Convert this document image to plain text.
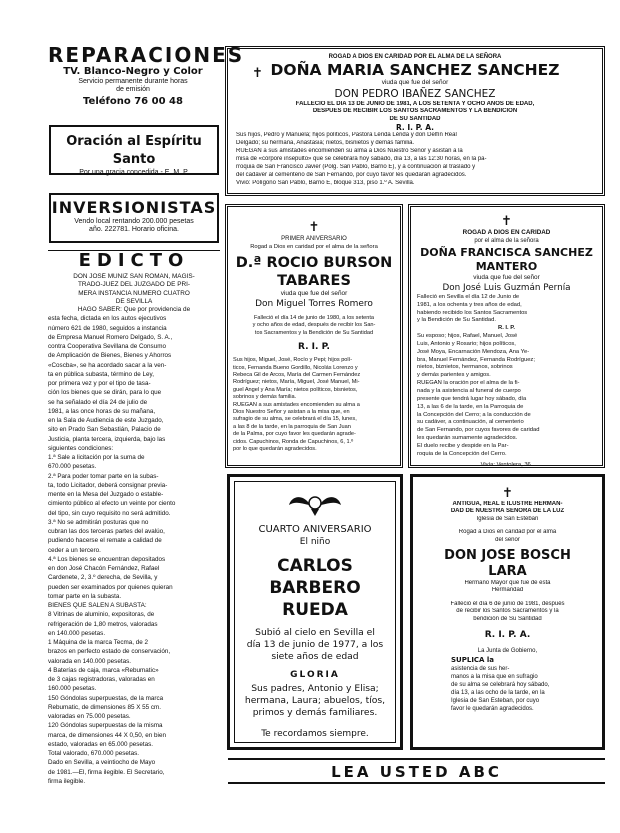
REPARACIONES
TV. Blanco-Negro y Color
Servicio permanente durante horas
de emisión
Teléfono 76 00 48
Oración al Espíritu Santo
Por una gracia concedida.- E. M. P.
INVERSIONISTAS
Vendo local rentando 200.000 pesetas
año. 222781. Horario oficina.
EDICTO
DON JOSÉ MUÑIZ SAN ROMAN, MAGIS-
TRADO-JUEZ DEL JUZGADO DE PRI-
MERA INSTANCIA NUMERO CUATRO
DE SEVILLA
HAGO SABER: Que por providencia de
esta fecha, dictada en los autos ejecutivos
número 621 de 1980, seguidos a instancia
de Empresa Manuel Romero Delgado, S. A.,
contra Cooperativa Sevillana de Consumo
de Amplicación de Bienes, Bienes y Ahorros
«Coscba», se ha acordado sacar a la ven-
ta en pública subasta, término de Ley,
por primera vez y por el tipo de tasa-
ción los bienes que se dirán, para lo que
se ha señalado el día 24 de julio de
1981, a las once horas de su mañana,
en la Sala de Audiencia de este Juzgado,
sito en Prado San Sebastián, Palacio de
Justicia, planta tercera, izquierda, bajo las
siguientes condiciones:
1.ª Sale a licitación por la suma de
670.000 pesetas.
2.ª Para poder tomar parte en la subas-
ta, todo Licitador, deberá consignar previa-
mente en la Mesa del Juzgado o estable-
cimiento público al efecto un veinte por ciento
del tipo, sin cuyo requisito no será admitido.
3.ª No se admitirán posturas que no
cubran las dos terceras partes del avalúo,
pudiendo hacerse el remate a calidad de
ceder a un tercero.
4.ª Los bienes se encuentran depositados
en don José Chacón Fernández, Rafael
Cardenete, 2, 3.º derecha, de Sevilla, y
pueden ser examinados por quienes quieran
tomar parte en la subasta.
BIENES QUE SALEN A SUBASTA:
8 Vitrinas de aluminio, expositoras, de
refrigeración de 1,80 metros, valoradas
en 140.000 pesetas.
1 Máquina de la marca Tecma, de 2
brazos en perfecto estado de conservación,
valorada en 140.000 pesetas.
4 Baterías de caja, marca «Rebumatic»
de 3 cajas registradoras, valoradas en
160.000 pesetas.
150 Góndolas superpuestas, de la marca
Rebumatic, de dimensiones 85 X 55 cm.
valoradas en 75.000 pesetas.
120 Góndolas superpuestas de la misma
marca, de dimensiones 44 X 0,50, en bien
estado, valoradas en 65.000 pesetas.
Total valorado, 670.000 pesetas.
Dado en Sevilla, a veintiocho de Mayo
de 1981.—El, firma ilegible. El Secretario,
firma ilegible.
✝
ROGAD A DIOS EN CARIDAD POR EL ALMA DE LA SEÑORA
DOÑA MARIA SANCHEZ SANCHEZ
viuda que fue del señor
DON PEDRO IBAÑEZ SANCHEZ
FALLECIO EL DIA 13 DE JUNIO DE 1981, A LOS SETENTA Y OCHO AÑOS DE EDAD,
DESPUES DE RECIBIR LOS SANTOS SACRAMENTOS Y LA BENDICION
DE SU SANTIDAD
R. I. P. A.
Sus hijos, Pedro y Manuela; hijos políticos, Pastora Lérida Lérida y don Delfín Real
Delgado; su hermana, Anastasia; nietos, bisnietos y demás familia.
RUEGAN a sus amistades encomienden su alma a Dios Nuestro Señor y asistan a la
misa de «córpore insepulto» que se celebrará hoy sábado, día 13, a las 12:30 horas, en la pa-
rroquia de San Francisco Javier (Polg. San Pablo, Barrio E), y a continuación al traslado y
del cadáver al cementerio de San Fernando, por cuyo favor les quedarán agradecidos.
Vivió: Polígono San Pablo, Barrio E, bloque 313, piso 1.º A. Sevilla.
✝
PRIMER ANIVERSARIO
Rogad a Dios en caridad por el alma de la señora
D.ª ROCIO BURSON
TABARES
viuda que fue del señor
Don Miguel Torres Romero
Falleció el día 14 de junio de 1980, a los setenta
y ocho años de edad, después de recibir los San-
tos Sacramentos y la Bendición de Su Santidad
R. I. P.
Sus hijos, Miguel, José, Rocío y Pepi; hijos polí-
ticos, Fernanda Bueno Gordillo, Nicolás Lorenzo y
Rebeca Gil de Arcos, María del Carmen Fernández
Rodríguez; nietos, María, Miguel, José Manuel, Mi-
guel Angel y Ana María; nietos políticos, bisnietos,
sobrinos y demás familia.
RUEGAN a sus amistades encomienden su alma a
Dios Nuestro Señor y asistan a la misa que, en
sufragio de su alma, se celebrará el día 15, lunes,
a las 8 de la tarde, en la parroquia de San Juan
de la Palma, por cuyo favor les quedarán agrade-
cidos. Capuchinos, Ronda de Capuchinos, 6, 1.º
por lo que quedarán agradecidos.
✝
ROGAD A DIOS EN CARIDAD
por el alma de la señora
DOÑA FRANCISCA SANCHEZ
MANTERO
viuda que fue del señor
Don José Luis Guzmán Pernía
Falleció en Sevilla el día 12 de Junio de
1981, a los ochenta y tres años de edad,
habiendo recibido los Santos Sacramentos
y la Bendición de Su Santidad.
R. I. P.
Su esposo; hijos, Rafael, Manuel, José
Luis, Antonio y Rosario; hijos políticos,
José Moya, Encarnación Mendoza, Ana Ye-
bra, Manuel Fernández, Fernanda Rodríguez;
nietos, biznietos, hermanos, sobrinos
y demás parientes y amigos.
RUEGAN la oración por el alma de la fi-
nada y la asistencia al funeral de cuerpo
presente que tendrá lugar hoy sábado, día
13, a las 6 de la tarde, en la Parroquia de
la Concepción del Cerro; a la conducción de
su cadáver, a continuación, al cementerio
de San Fernando, por cuyos favores de caridad
les quedarán sumamente agradecidos.
El duelo recibe y despide en la Par-
roquia de la Concepción del Cerro.
Vivía: Ventolera, 36.
CUARTO ANIVERSARIO
El niño
CARLOS BARBERO
RUEDA
Subió al cielo en Sevilla el
día 13 de junio de 1977, a los
siete años de edad
GLORIA
Sus padres, Antonio y Elisa;
hermana, Laura; abuelos, tíos,
primos y demás familiares.
Te recordamos siempre.
✝
ANTIGUA, REAL E ILUSTRE HERMAN-
DAD DE NUESTRA SEÑORA DE LA LUZ
Iglesia de San Esteban
Rogad a Dios en caridad por el alma
del señor
DON JOSE BOSCH
LARA
Hermano Mayor que fue de esta
Hermandad
Falleció el día 6 de junio de 1981, después
de recibir los Santos Sacramentos y la
bendición de Su Santidad
R. I. P. A.
La Junta de Gobierno,
SUPLICA la
asistencia de sus her-
manos a la misa que en sufragio
de su alma se celebrará hoy sábado,
día 13, a las ocho de la tarde, en la
Iglesia de San Esteban, por cuyo
favor le quedarán agradecidos.
LEA USTED ABC
